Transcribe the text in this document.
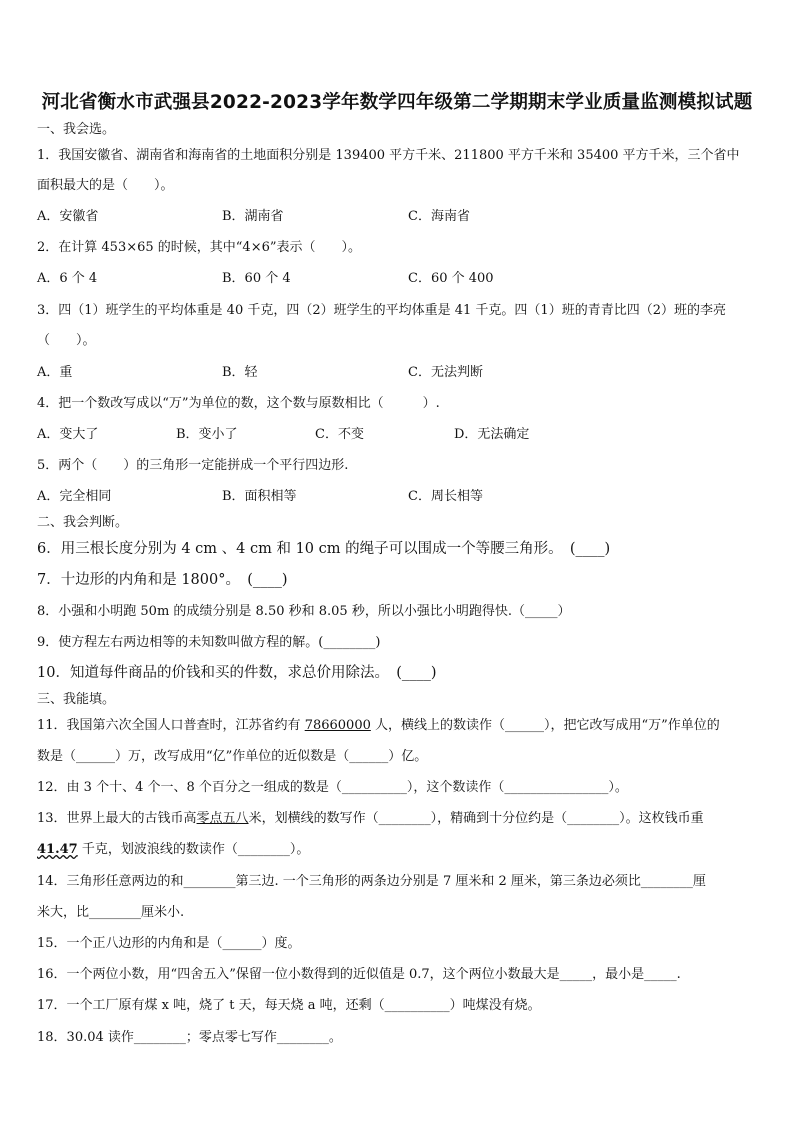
河北省衡水市武强县2022-2023学年数学四年级第二学期期末学业质量监测模拟试题
一、我会选。
1．我国安徽省、湖南省和海南省的土地面积分别是 139400 平方千米、211800 平方千米和 35400 平方千米，三个省中
面积最大的是（　　）。
A．安徽省	B．湖南省	C．海南省
2．在计算 453×65 的时候，其中“4×6”表示（　　）。
A．6 个 4	B．60 个 4	C．60 个 400
3．四（1）班学生的平均体重是 40 千克，四（2）班学生的平均体重是 41 千克。四（1）班的青青比四（2）班的李亮
（　　）。
A．重	B．轻	C．无法判断
4．把一个数改写成以“万”为单位的数，这个数与原数相比（　　　）.
A．变大了	B．变小了	C．不变	D．无法确定
5．两个（　　）的三角形一定能拼成一个平行四边形.
A．完全相同	B．面积相等	C．周长相等
二、我会判断。
6．用三根长度分别为 4 cm 、4 cm 和 10 cm 的绳子可以围成一个等腰三角形。　(____)
7．十边形的内角和是 1800°。　(____)
8．小强和小明跑 50m 的成绩分别是 8.50 秒和 8.05 秒，所以小强比小明跑得快.（_____）
9．使方程左右两边相等的未知数叫做方程的解。(________)
10．知道每件商品的价钱和买的件数，求总价用除法。　(____)
三、我能填。
11．我国第六次全国人口普查时，江苏省约有 78660000 人，横线上的数读作（______），把它改写成用“万”作单位的
数是（______）万，改写成用“亿”作单位的近似数是（______）亿。
12．由 3 个十、4 个一、8 个百分之一组成的数是（__________），这个数读作（________________）。
13．世界上最大的古钱币高零点五八米，划横线的数写作（________），精确到十分位约是（________）。这枚钱币重
41.47 千克，划波浪线的数读作（________）。
14．三角形任意两边的和________第三边. 一个三角形的两条边分别是 7 厘米和 2 厘米，第三条边必须比________厘
米大，比________厘米小.
15．一个正八边形的内角和是（______）度。
16．一个两位小数，用“四舍五入”保留一位小数得到的近似值是 0.7，这个两位小数最大是_____，最小是_____.
17．一个工厂原有煤 x 吨，烧了 t 天，每天烧 a 吨，还剩（__________）吨煤没有烧。
18．30.04 读作________；零点零七写作________。
